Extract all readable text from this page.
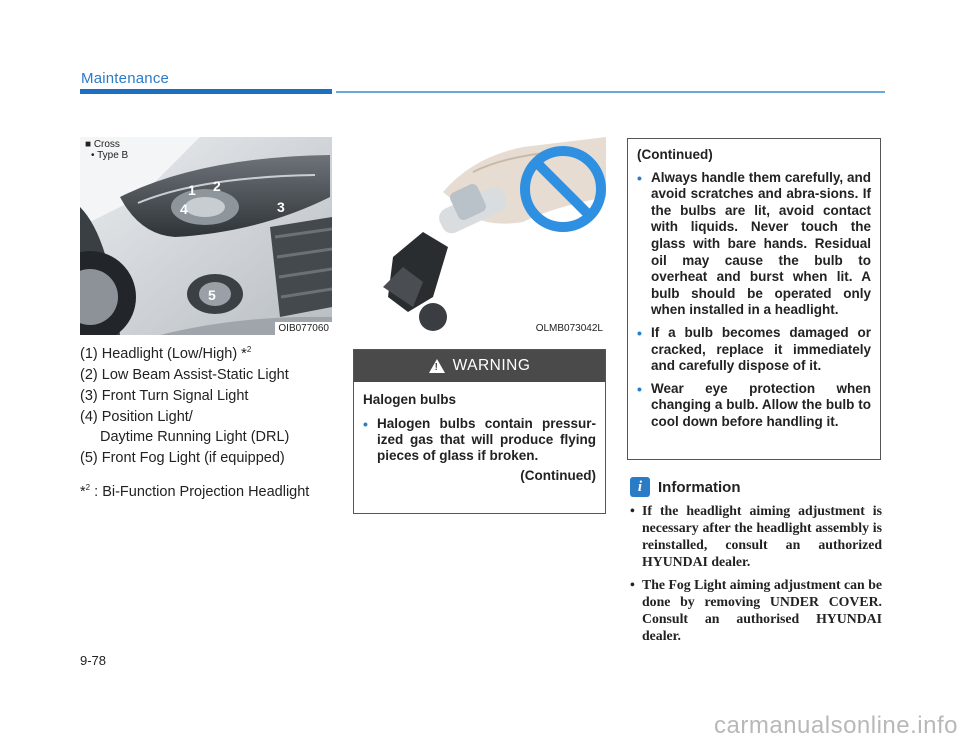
Maintenance
■ Cross
• Type B
1 2
3
4
5
OIB077060	OLMB073042L
(1) Headlight (Low/High) *$^2$
(2) Low Beam Assist-Static Light
(3) Front Turn Signal Light
(4) Position Light/
Daytime Running Light (DRL)
(5) Front Fog Light (if equipped)
*$^2$ : Bi-Function Projection Headlight
! WARNING
Halogen bulbs
• Halogen bulbs contain pressur-ized gas that will produce flying pieces of glass if broken.
(Continued)
(Continued)
• Always handle them carefully, and avoid scratches and abra-sions. If the bulbs are lit, avoid contact with liquids. Never touch the glass with bare hands. Residual oil may cause the bulb to overheat and burst when lit. A bulb should be operated only when installed in a headlight.
• If a bulb becomes damaged or cracked, replace it immediately and carefully dispose of it.
• Wear eye protection when changing a bulb. Allow the bulb to cool down before handling it.
i	Information
• If the headlight aiming adjustment is necessary after the headlight assembly is reinstalled, consult an authorized HYUNDAI dealer.
• The Fog Light aiming adjustment can be done by removing UNDER COVER. Consult an authorised HYUNDAI dealer.
9-78
carmanualsonline.info
